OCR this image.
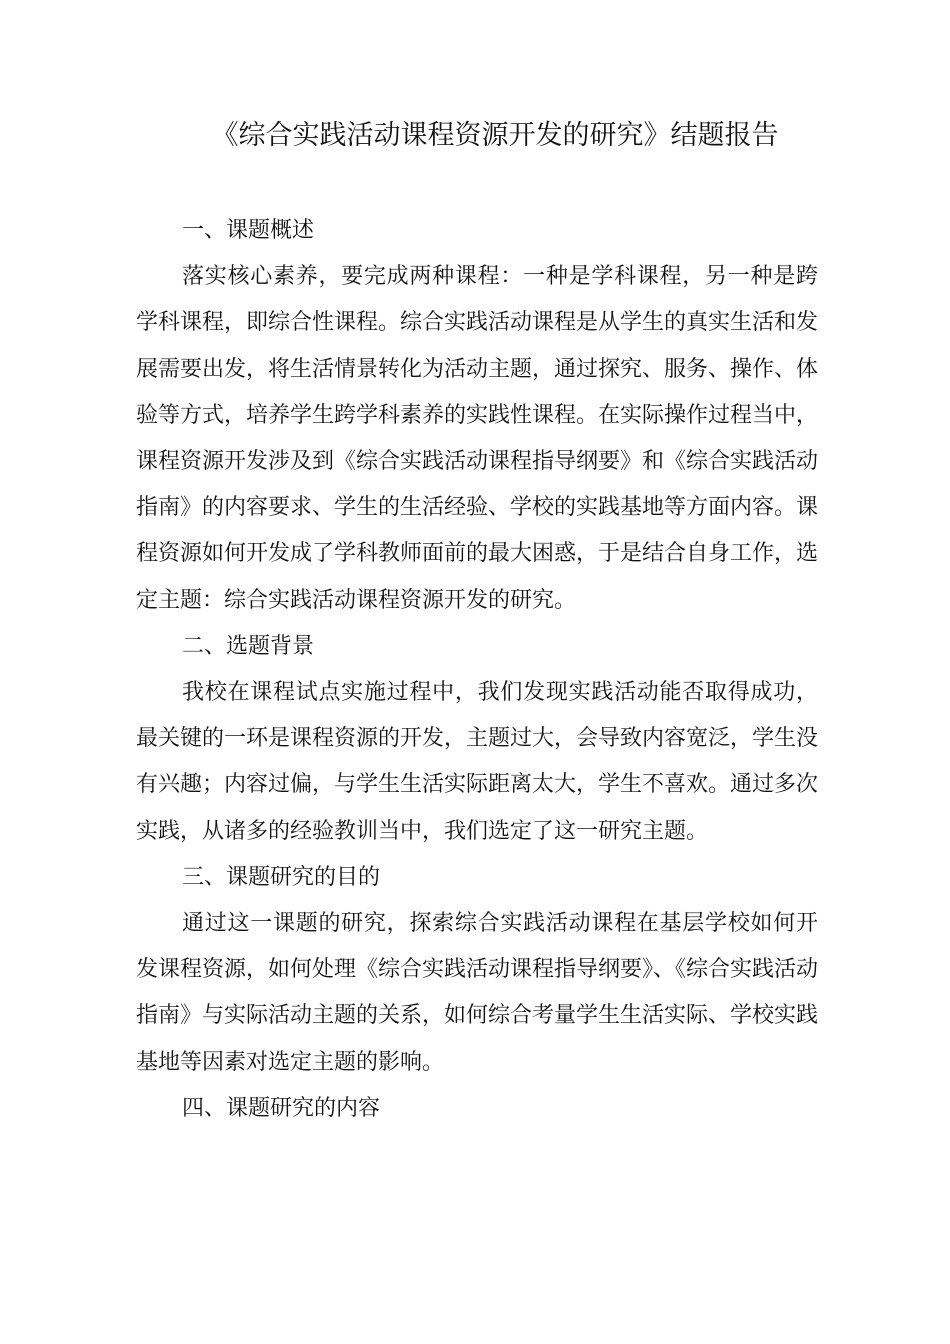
《综合实践活动课程资源开发的研究》结题报告
一、课题概述

落实核心素养，要完成两种课程：一种是学科课程，另一种是跨学科课程，即综合性课程。综合实践活动课程是从学生的真实生活和发展需要出发，将生活情景转化为活动主题，通过探究、服务、操作、体验等方式，培养学生跨学科素养的实践性课程。在实际操作过程当中，课程资源开发涉及到《综合实践活动课程指导纲要》和《综合实践活动指南》的内容要求、学生的生活经验、学校的实践基地等方面内容。课程资源如何开发成了学科教师面前的最大困惑，于是结合自身工作，选定主题：综合实践活动课程资源开发的研究。

二、选题背景

我校在课程试点实施过程中，我们发现实践活动能否取得成功，最关键的一环是课程资源的开发，主题过大，会导致内容宽泛，学生没有兴趣；内容过偏，与学生生活实际距离太大，学生不喜欢。通过多次实践，从诸多的经验教训当中，我们选定了这一研究主题。

三、课题研究的目的

通过这一课题的研究，探索综合实践活动课程在基层学校如何开发课程资源，如何处理《综合实践活动课程指导纲要》、《综合实践活动指南》与实际活动主题的关系，如何综合考量学生生活实际、学校实践基地等因素对选定主题的影响。

四、课题研究的内容
